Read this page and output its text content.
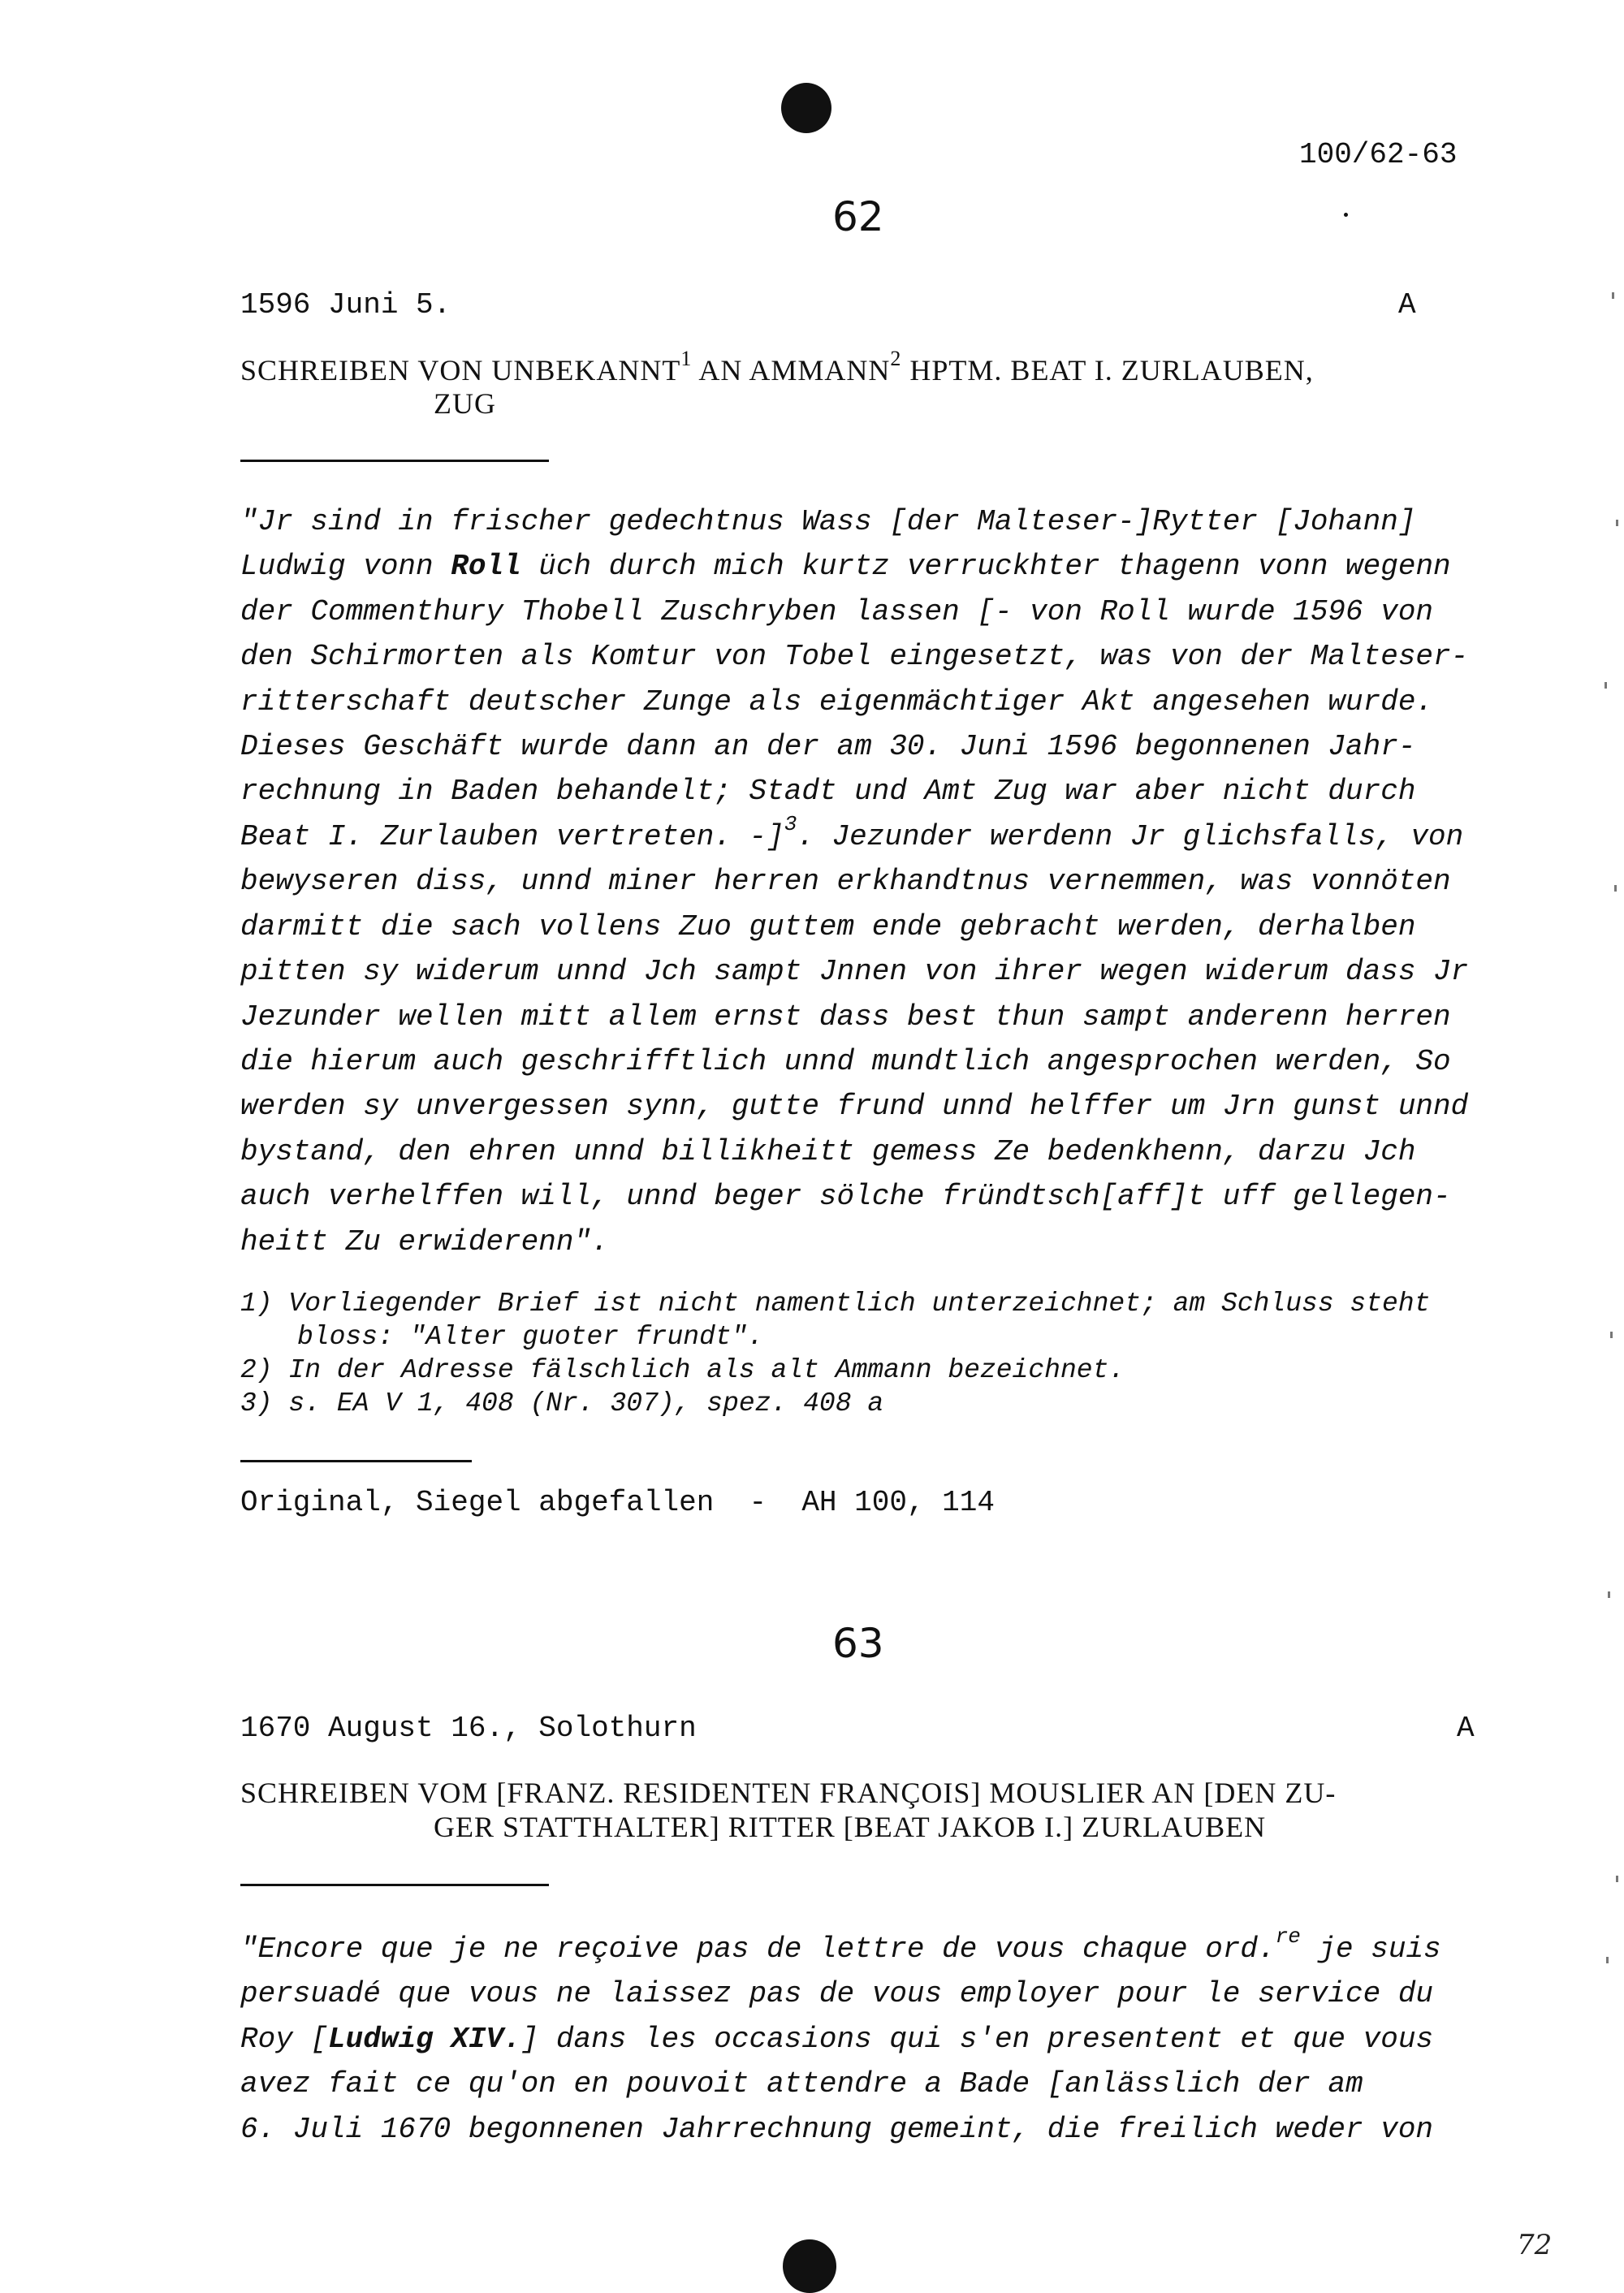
100/62-63
72
62
1596 Juni 5.	A
SCHREIBEN VON UNBEKANNT$^1$ AN AMMANN$^2$ HPTM. BEAT I. ZURLAUBEN,
ZUG
"Jr sind in frischer gedechtnus Wass [der Malteser-]Rytter [Johann]
Ludwig vonn Roll üch durch mich kurtz verruckhter thagenn vonn wegenn
der Commenthury Thobell Zuschryben lassen [- von Roll wurde 1596 von
den Schirmorten als Komtur von Tobel eingesetzt, was von der Malteser-
ritterschaft deutscher Zunge als eigenmächtiger Akt angesehen wurde.
Dieses Geschäft wurde dann an der am 30. Juni 1596 begonnenen Jahr-
rechnung in Baden behandelt; Stadt und Amt Zug war aber nicht durch
Beat I. Zurlauben vertreten. -]$^3$. Jezunder werdenn Jr glichsfalls, von
bewyseren diss, unnd miner herren erkhandtnus vernemmen, was vonnöten
darmitt die sach vollens Zuo guttem ende gebracht werden, derhalben
pitten sy widerum unnd Jch sampt Jnnen von ihrer wegen widerum dass Jr
Jezunder wellen mitt allem ernst dass best thun sampt anderenn herren
die hierum auch geschrifftlich unnd mundtlich angesprochen werden, So
werden sy unvergessen synn, gutte frund unnd helffer um Jrn gunst unnd
bystand, den ehren unnd billikheitt gemess Ze bedenkhenn, darzu Jch
auch verhelffen will, unnd beger sölche fründtsch[aff]t uff gellegen-
heitt Zu erwiderenn".
1) Vorliegender Brief ist nicht namentlich unterzeichnet; am Schluss steht
bloss: "Alter guoter frundt".
2) In der Adresse fälschlich als alt Ammann bezeichnet.
3) s. EA V 1, 408 (Nr. 307), spez. 408 a
Original, Siegel abgefallen  -  AH 100, 114
63
1670 August 16., Solothurn	A
SCHREIBEN VOM [FRANZ. RESIDENTEN FRANÇOIS] MOUSLIER AN [DEN ZU-
GER STATTHALTER] RITTER [BEAT JAKOB I.] ZURLAUBEN
"Encore que je ne reçoive pas de lettre de vous chaque ord.$^{re}$ je suis
persuadé que vous ne laissez pas de vous employer pour le service du
Roy [Ludwig XIV.] dans les occasions qui s'en presentent et que vous
avez fait ce qu'on en pouvoit attendre a Bade [anlässlich der am
6. Juli 1670 begonnenen Jahrrechnung gemeint, die freilich weder von
